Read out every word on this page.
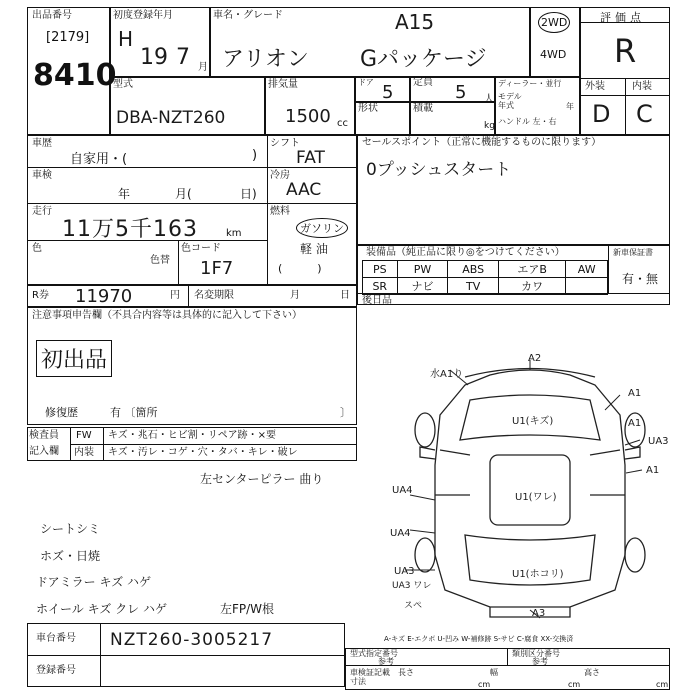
出品番号
[2179]
8410
初度登録年月
H
19 7 月
車名・グレード	A15
アリオン Gパッケージ
2WD
4WD
評価点
R
外装	内装
D C
型式
DBA-NZT260
排気量
1500 cc
ドア 5 定員 5 人
形状	積載
kg
ディーラー・並行
モデル年式	年
ハンドル 左・右
車歴
自家用・(	)
車検
年	月(	日)
走行
11万5千163	km
色
色替
色コード
1F7
シフト
FAT
冷房
AAC
燃料
ガソリン
軽 油
(          )
セールスポイント（正常に機能するものに限ります）
0プッシュスタート
装備品（純正品に限り◎をつけてください）	新車保証書
有・無
PS	PW	ABS	エアB	AW
SR	ナビ	TV	カワ	
後日品
R券 11970	円 名変期限	月	日
注意事項申告欄（不具合内容等は具体的に記入して下さい）
初出品
修復歴	有 〔箇所	〕
検査員
記入欄
FW キズ・兆石・ヒビ割・リペア跡・×要
内装 キズ・汚レ・コゲ・穴・タバ・キレ・破レ
左センターピラー 曲り
シートシミ
ホズ・日焼
ドアミラー キズ ハゲ
ホイール キズ クレ ハゲ	左FP/W根
A2
水A1り
A1
U1(キズ)	A1
UA3
A1
U1(ワレ)
UA4
UA4
UA3	U1(ホコリ)
UA3 ワレ
A3
スペ
A-キズ E-エクボ U-凹み W-補修跡 S-サビ C-腐食 XX-交換済
車台番号 NZT260-3005217
登録番号
型式指定番号
参考
類別区分番号
参考
車検証記載寸法
長さ
cm
幅
cm
高さ
cm
